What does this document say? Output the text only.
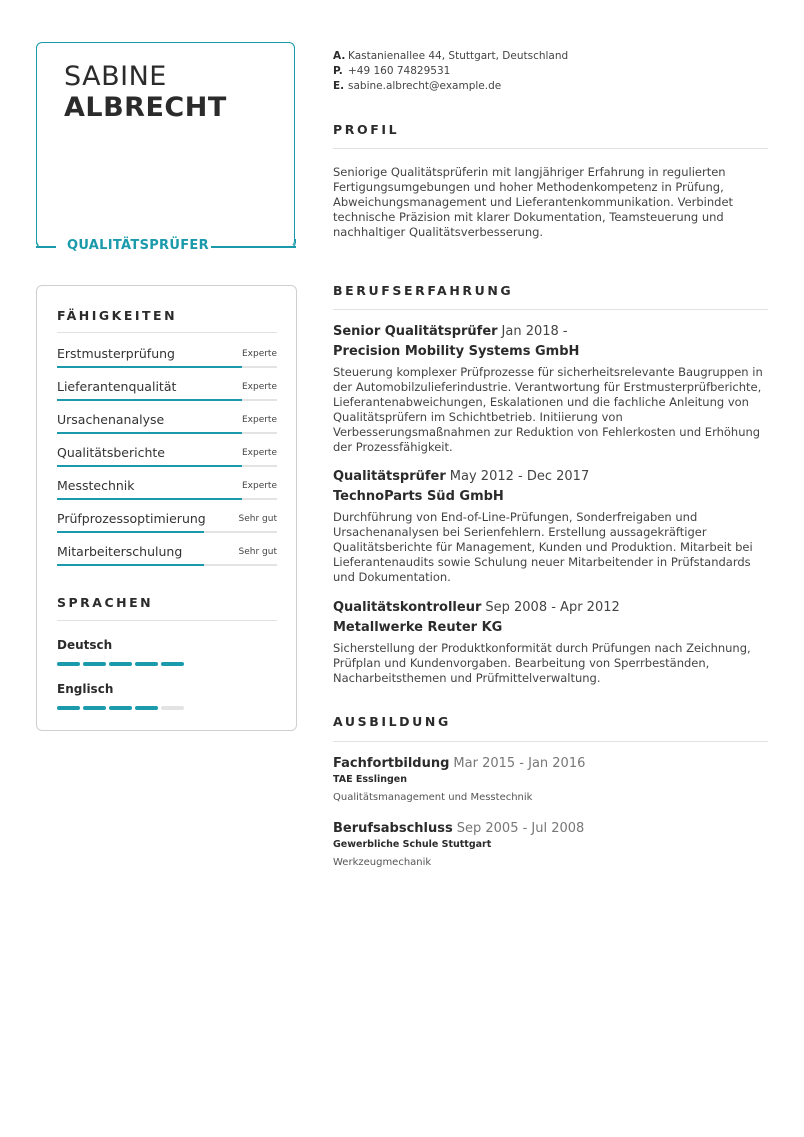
SABINE
ALBRECHT
QUALITÄTSPRÜFER
FÄHIGKEITEN
Erstmusterprüfung	Experte
Lieferantenqualität	Experte
Ursachenanalyse	Experte
Qualitätsberichte	Experte
Messtechnik	Experte
Prüfprozessoptimierung	Sehr gut
Mitarbeiterschulung	Sehr gut
SPRACHEN
Deutsch
Englisch
A. Kastanienallee 44, Stuttgart, Deutschland
P. +49 160 74829531
E. sabine.albrecht@example.de
PROFIL
Seniorige Qualitätsprüferin mit langjähriger Erfahrung in regulierten Fertigungsumgebungen und hoher Methodenkompetenz in Prüfung, Abweichungsmanagement und Lieferantenkommunikation. Verbindet technische Präzision mit klarer Dokumentation, Teamsteuerung und nachhaltiger Qualitätsverbesserung.
BERUFSERFAHRUNG
Senior Qualitätsprüfer Jan 2018 -
Precision Mobility Systems GmbH
Steuerung komplexer Prüfprozesse für sicherheitsrelevante Baugruppen in der Automobilzulieferindustrie. Verantwortung für Erstmusterprüfberichte, Lieferantenabweichungen, Eskalationen und die fachliche Anleitung von Qualitätsprüfern im Schichtbetrieb. Initiierung von Verbesserungsmaßnahmen zur Reduktion von Fehlerkosten und Erhöhung der Prozessfähigkeit.
Qualitätsprüfer May 2012 - Dec 2017
TechnoParts Süd GmbH
Durchführung von End-of-Line-Prüfungen, Sonderfreigaben und Ursachenanalysen bei Serienfehlern. Erstellung aussagekräftiger Qualitätsberichte für Management, Kunden und Produktion. Mitarbeit bei Lieferantenaudits sowie Schulung neuer Mitarbeitender in Prüfstandards und Dokumentation.
Qualitätskontrolleur Sep 2008 - Apr 2012
Metallwerke Reuter KG
Sicherstellung der Produktkonformität durch Prüfungen nach Zeichnung, Prüfplan und Kundenvorgaben. Bearbeitung von Sperrbeständen, Nacharbeitsthemen und Prüfmittelverwaltung.
AUSBILDUNG
Fachfortbildung Mar 2015 - Jan 2016
TAE Esslingen
Qualitätsmanagement und Messtechnik
Berufsabschluss Sep 2005 - Jul 2008
Gewerbliche Schule Stuttgart
Werkzeugmechanik
